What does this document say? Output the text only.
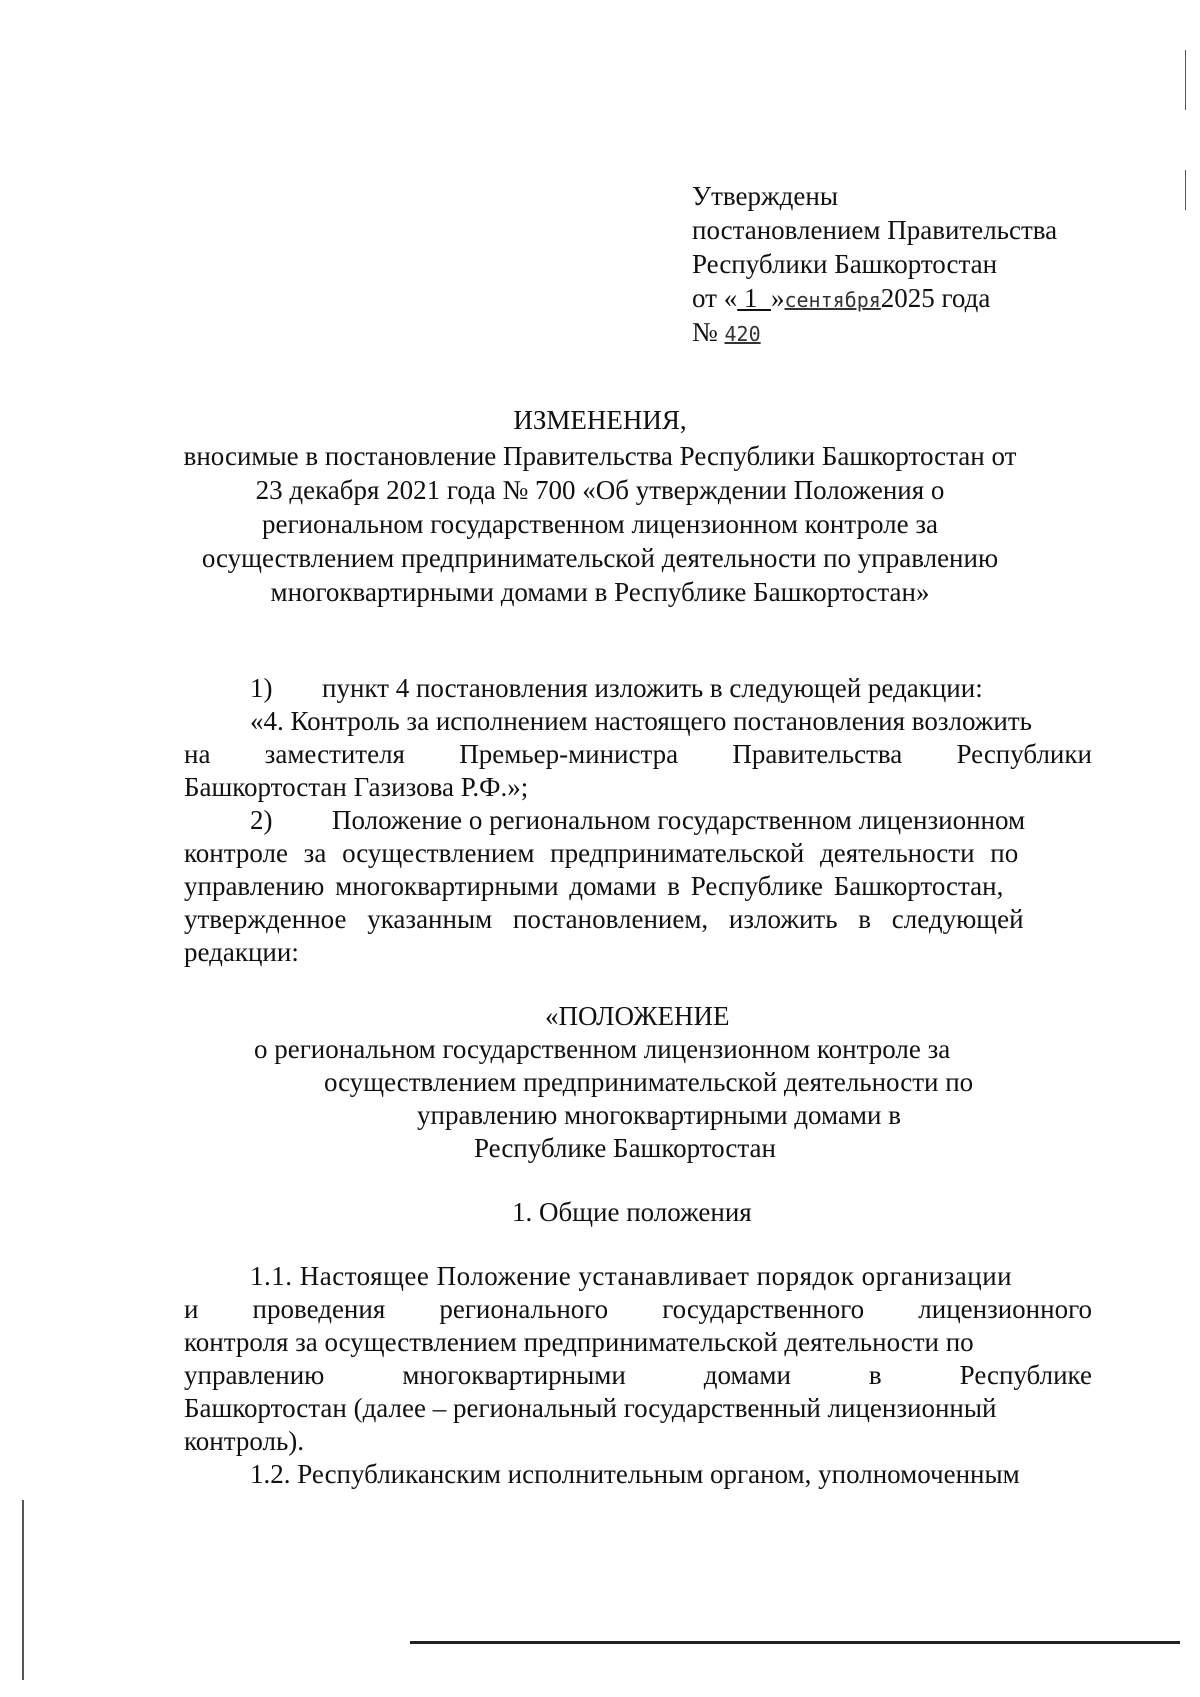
Утверждены
постановлением Правительства
Республики Башкортостан
от « 1 »сентября2025 года
№ 420
ИЗМЕНЕНИЯ,
вносимые в постановление Правительства Республики Башкортостан от
23 декабря 2021 года № 700 «Об утверждении Положения о
региональном государственном лицензионном контроле за
осуществлением предпринимательской деятельности по управлению
многоквартирными домами в Республике Башкортостан»
1) пункт 4 постановления изложить в следующей редакции:
«4. Контроль за исполнением настоящего постановления возложить
на заместителя Премьер-министра Правительства Республики
Башкортостан Газизова Р.Ф.»;
2) Положение о региональном государственном лицензионном
контроле за осуществлением предпринимательской деятельности по
управлению многоквартирными домами в Республике Башкортостан,
утвержденное указанным постановлением, изложить в следующей
редакции:
«ПОЛОЖЕНИЕ
о региональном государственном лицензионном контроле за
осуществлением предпринимательской деятельности по
управлению многоквартирными домами в
Республике Башкортостан
1. Общие положения
1.1. Настоящее Положение устанавливает порядок организации
и проведения регионального государственного лицензионного
контроля за осуществлением предпринимательской деятельности по
управлению	многоквартирными	домами	в	Республике
Башкортостан (далее – региональный государственный лицензионный
контроль).
1.2. Республиканским исполнительным органом, уполномоченным
